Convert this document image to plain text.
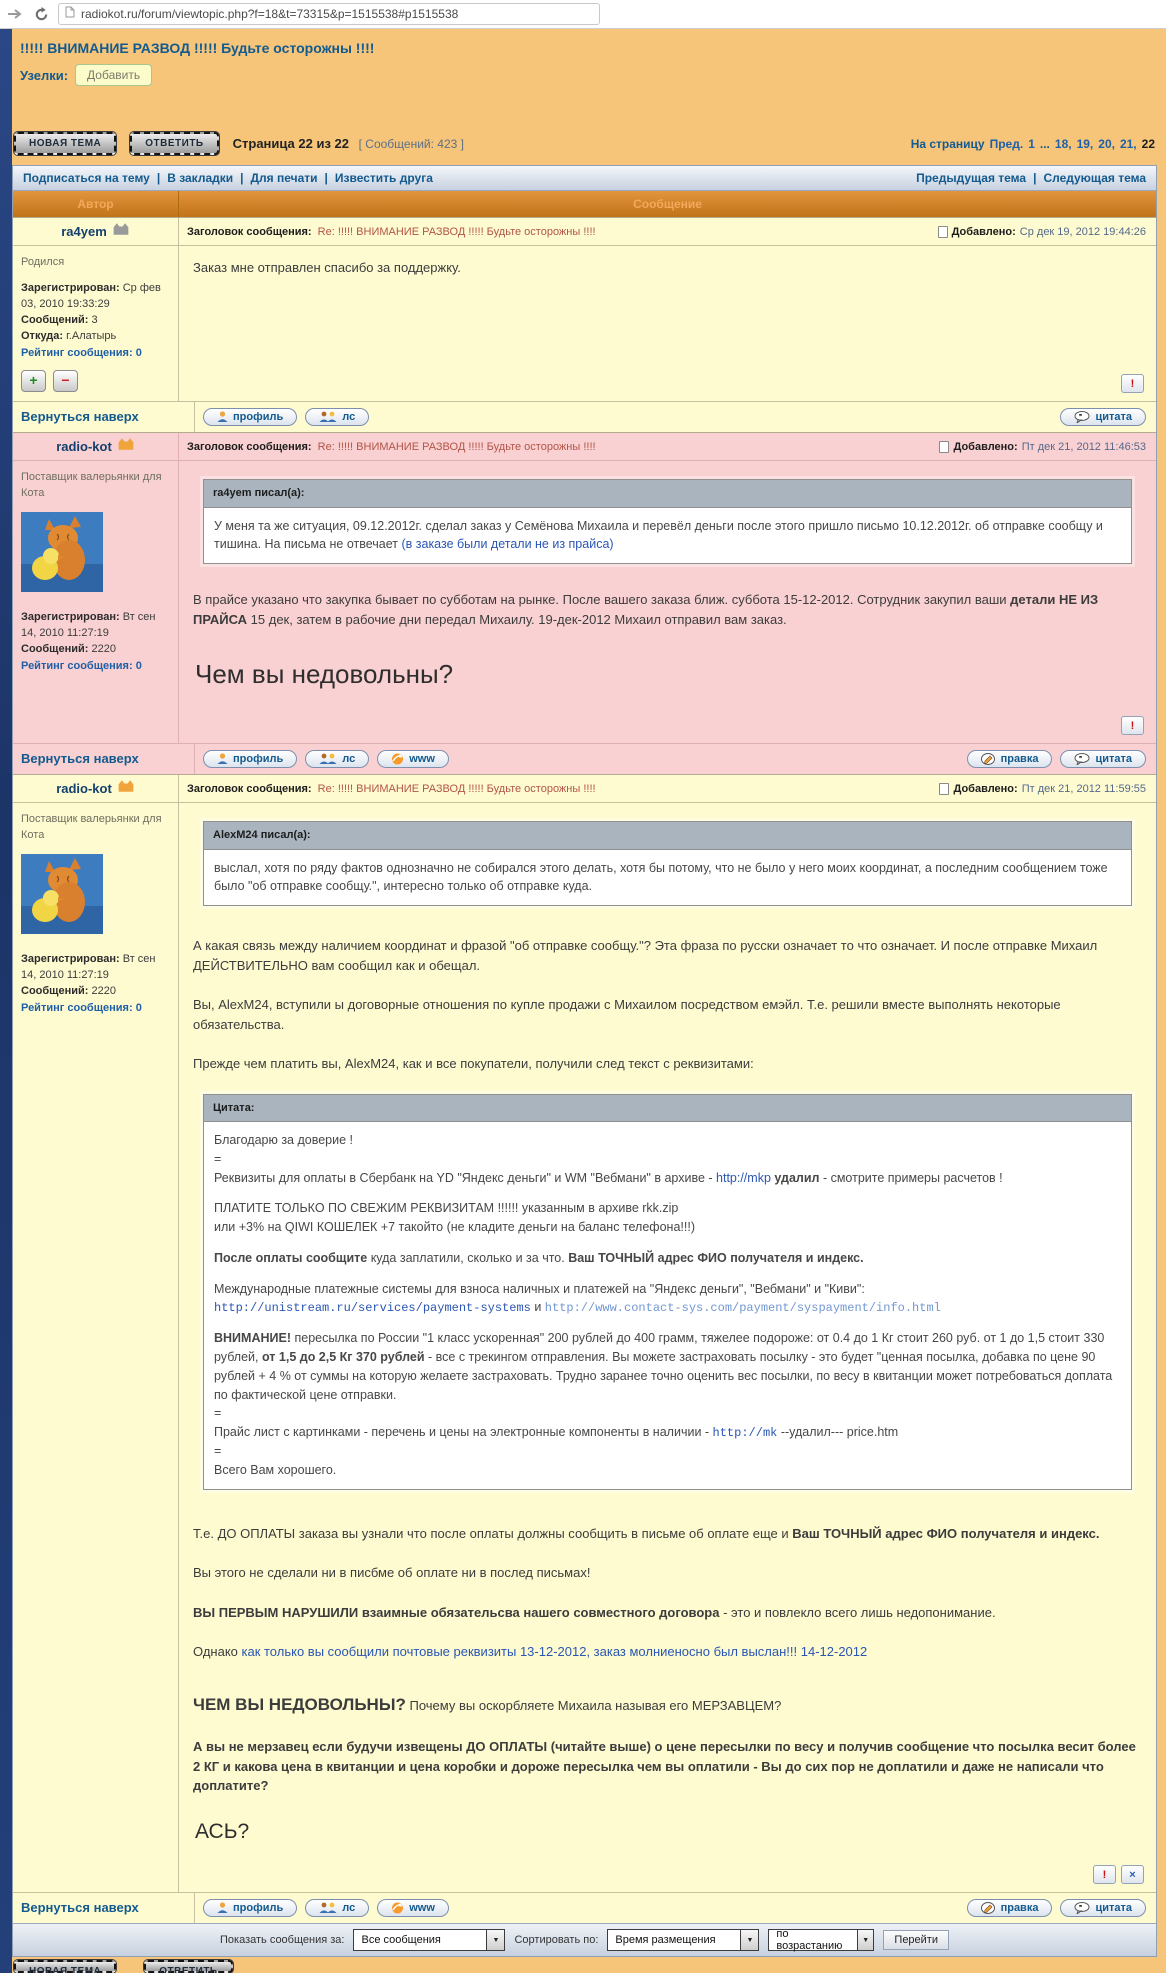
radiokot.ru/forum/viewtopic.php?f=18&t=73315&p=1515538#p1515538
!!!!! ВНИМАНИЕ РАЗВОД !!!!! Будьте осторожны !!!!
Узелки:	Добавить
НОВАЯ ТЕМА	ОТВЕТИТЬ	Страница 22 из 22 [ Сообщений: 423 ]	На страницу Пред. 1 ... 18, 19, 20, 21, 22
Подписаться на тему | В закладки | Для печати | Известить друга	Предыдущая тема | Следующая тема
Автор	Сообщение
ra4yem
Родился
Зарегистрирован: Ср фев 03, 2010 19:33:29
Сообщений: 3
Откуда: г.Алатырь
Рейтинг сообщения: 0
+	−
Заголовок сообщения: Re: !!!!! ВНИМАНИЕ РАЗВОД !!!!! Будьте осторожны !!!!	Добавлено: Ср дек 19, 2012 19:44:26
Заказ мне отправлен спасибо за поддержку.
!
Вернуться наверх	профиль	лс	❞ цитата
radio-kot
Поставщик валерьянки для Кота
Зарегистрирован: Вт сен 14, 2010 11:27:19
Сообщений: 2220
Рейтинг сообщения: 0
Заголовок сообщения: Re: !!!!! ВНИМАНИЕ РАЗВОД !!!!! Будьте осторожны !!!!	Добавлено: Пт дек 21, 2012 11:46:53
ra4yem писал(а):
У меня та же ситуация, 09.12.2012г. сделал заказ у Семёнова Михаила и перевёл деньги после этого пришло письмо 10.12.2012г. об отправке сообщу и тишина. На письма не отвечает (в заказе были детали не из прайса)
В прайсе указано что закупка бывает по субботам на рынке. После вашего заказа ближ. суббота 15-12-2012. Сотрудник закупил ваши детали НЕ ИЗ ПРАЙСА 15 дек, затем в рабочие дни передал Михаилу. 19-дек-2012 Михаил отправил вам заказ.
Чем вы недовольны?
!
Вернуться наверх	профиль	лс	www	правка	❞ цитата
radio-kot
Поставщик валерьянки для Кота
Зарегистрирован: Вт сен 14, 2010 11:27:19
Сообщений: 2220
Рейтинг сообщения: 0
Заголовок сообщения: Re: !!!!! ВНИМАНИЕ РАЗВОД !!!!! Будьте осторожны !!!!	Добавлено: Пт дек 21, 2012 11:59:55
AlexM24 писал(а):
выслал, хотя по ряду фактов однозначно не собирался этого делать, хотя бы потому, что не было у него моих координат, а последним сообщением тоже было "об отправке сообщу.", интересно только об отправке куда.
А какая связь между наличием координат и фразой "об отправке сообщу."? Эта фраза по русски означает то что означает. И после отправке Михаил ДЕЙСТВИТЕЛЬНО вам сообщил как и обещал.
Вы, AlexM24, вступили ы договорные отношения по купле продажи с Михаилом посредством емэйл. Т.е. решили вместе выполнять некоторые обязательства.
Прежде чем платить вы, AlexM24, как и все покупатели, получили след текст с реквизитами:
Цитата:
Благодарю за доверие !
=
Реквизиты для оплаты в Сбербанк на YD "Яндекс деньги" и WM "Вебмани" в архиве - http://mkp удалил - смотрите примеры расчетов !
ПЛАТИТЕ ТОЛЬКО ПО СВЕЖИМ РЕКВИЗИТАМ !!!!!! указанным в архиве rkk.zip
или +3% на QIWI КОШЕЛЕК +7 такойто (не кладите деньги на баланс телефона!!!)
После оплаты сообщите куда заплатили, сколько и за что. Ваш ТОЧНЫЙ адрес ФИО получателя и индекс.
Международные платежные системы для взноса наличных и платежей на "Яндекс деньги", "Вебмани" и "Киви":
http://unistream.ru/services/payment-systems и http://www.contact-sys.com/payment/syspayment/info.html
ВНИМАНИЕ! пересылка по России "1 класс ускоренная" 200 рублей до 400 грамм, тяжелее подороже: от 0.4 до 1 Кг стоит 260 руб. от 1 до 1,5 стоит 330 рублей, от 1,5 до 2,5 Кг 370 рублей - все с трекингом отправления. Вы можете застраховать посылку - это будет "ценная посылка, добавка по цене 90 рублей + 4 % от суммы на которую желаете застраховать. Трудно заранее точно оценить вес посылки, по весу в квитанции может потребоваться доплата по фактической цене отправки.
=
Прайс лист с картинками - перечень и цены на электронные компоненты в наличии - http://mk --удалил--- price.htm
=
Всего Вам хорошего.
Т.е. ДО ОПЛАТЫ заказа вы узнали что после оплаты должны сообщить в письме об оплате еще и Ваш ТОЧНЫЙ адрес ФИО получателя и индекс.
Вы этого не сделали ни в писбме об оплате ни в послед письмах!
ВЫ ПЕРВЫМ НАРУШИЛИ взаимные обязательсва нашего совместного договора - это и повлекло всего лишь недопонимание.
Однако как только вы сообщили почтовые реквизиты 13-12-2012, заказ молниеносно был выслан!!! 14-12-2012
ЧЕМ ВЫ НЕДОВОЛЬНЫ? Почему вы оскорбляете Михаила называя его МЕРЗАВЦЕМ?
А вы не мерзавец если будучи извещены ДО ОПЛАТЫ (читайте выше) о цене пересылки по весу и получив сообщение что посылка весит более 2 КГ и какова цена в квитанции и цена коробки и дороже пересылка чем вы оплатили - Вы до сих пор не доплатили и даже не написали что доплатите?
АСЬ?
!	×
Вернуться наверх	профиль	лс	www	правка	❞ цитата
Показать сообщения за:	Все сообщения	▼	Сортировать по:	Время размещения	▼	по возрастанию	▼	Перейти
НОВАЯ ТЕМА	ОТВЕТИТЬ
